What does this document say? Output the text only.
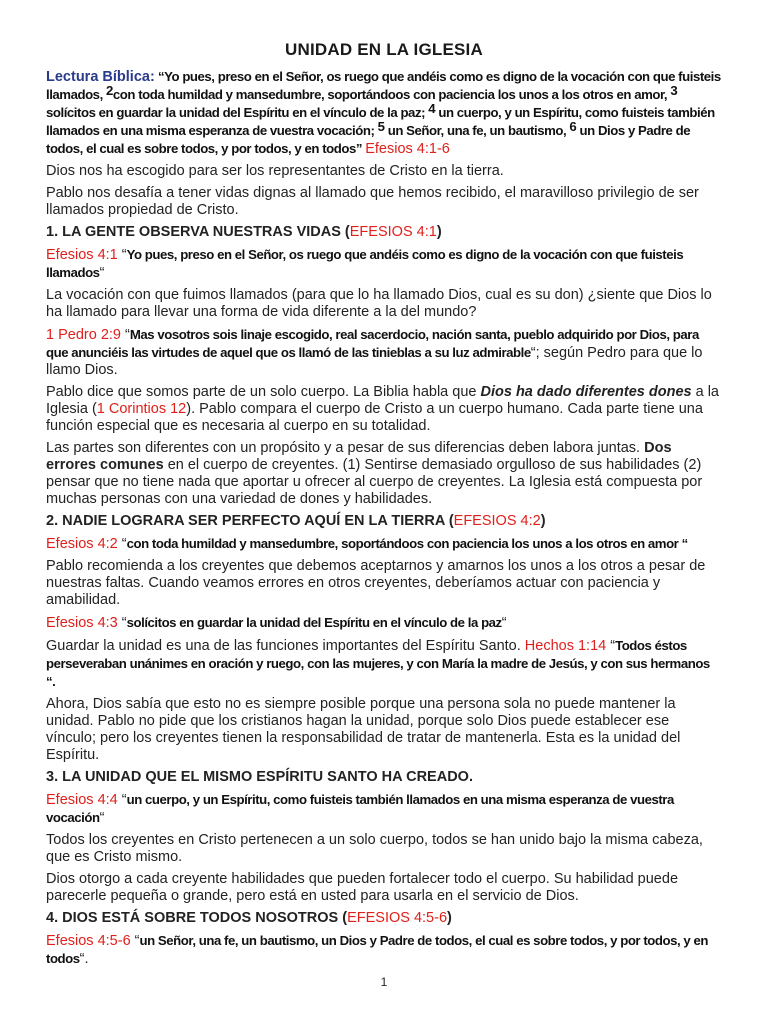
UNIDAD EN LA IGLESIA
Lectura Bíblica: “Yo pues, preso en el Señor, os ruego que andéis como es digno de la vocación con que fuisteis llamados, $^2$con toda humildad y mansedumbre, soportándoos con paciencia los unos a los otros en amor, $^3$ solícitos en guardar la unidad del Espíritu en el vínculo de la paz; $^4$ un cuerpo, y un Espíritu, como fuisteis también llamados en una misma esperanza de vuestra vocación; $^5$ un Señor, una fe, un bautismo, $^6$ un Dios y Padre de todos, el cual es sobre todos, y por todos, y en todos” Efesios 4:1-6
Dios nos ha escogido para ser los representantes de Cristo en la tierra.
Pablo nos desafía a tener vidas dignas al llamado que hemos recibido, el maravilloso privilegio de ser llamados propiedad de Cristo.
1. LA GENTE OBSERVA NUESTRAS VIDAS (EFESIOS 4:1)
Efesios 4:1 “Yo pues, preso en el Señor, os ruego que andéis como es digno de la vocación con que fuisteis llamados“
La vocación con que fuimos llamados (para que lo ha llamado Dios, cual es su don) ¿siente que Dios lo ha llamado para llevar una forma de vida diferente a la del mundo?
1 Pedro 2:9 “Mas vosotros sois linaje escogido, real sacerdocio, nación santa, pueblo adquirido por Dios, para que anunciéis las virtudes de aquel que os llamó de las tinieblas a su luz admirable“; según Pedro para que lo llamo Dios.
Pablo dice que somos parte de un solo cuerpo. La Biblia habla que Dios ha dado diferentes dones a la Iglesia (1 Corintios 12). Pablo compara el cuerpo de Cristo a un cuerpo humano. Cada parte tiene una función especial que es necesaria al cuerpo en su totalidad.
Las partes son diferentes con un propósito y a pesar de sus diferencias deben labora juntas. Dos errores comunes en el cuerpo de creyentes. (1) Sentirse demasiado orgulloso de sus habilidades (2) pensar que no tiene nada que aportar u ofrecer al cuerpo de creyentes. La Iglesia está compuesta por muchas personas con una variedad de dones y habilidades.
2. NADIE LOGRARA SER PERFECTO AQUÍ EN LA TIERRA (EFESIOS 4:2)
Efesios 4:2 “con toda humildad y mansedumbre, soportándoos con paciencia los unos a los otros en amor “
Pablo recomienda a los creyentes que debemos aceptarnos y amarnos los unos a los otros a pesar de nuestras faltas. Cuando veamos errores en otros creyentes, deberíamos actuar con paciencia y amabilidad.
Efesios 4:3 “solícitos en guardar la unidad del Espíritu en el vínculo de la paz“
Guardar la unidad es una de las funciones importantes del Espíritu Santo. Hechos 1:14 “Todos éstos perseveraban unánimes en oración y ruego, con las mujeres, y con María la madre de Jesús, y con sus hermanos “.
Ahora, Dios sabía que esto no es siempre posible porque una persona sola no puede mantener la unidad. Pablo no pide que los cristianos hagan la unidad, porque solo Dios puede establecer ese vínculo; pero los creyentes tienen la responsabilidad de tratar de mantenerla. Esta es la unidad del Espíritu.
3. LA UNIDAD QUE EL MISMO ESPÍRITU SANTO HA CREADO.
Efesios 4:4 “un cuerpo, y un Espíritu, como fuisteis también llamados en una misma esperanza de vuestra vocación“
Todos los creyentes en Cristo pertenecen a un solo cuerpo, todos se han unido bajo la misma cabeza, que es Cristo mismo.
Dios otorgo a cada creyente habilidades que pueden fortalecer todo el cuerpo. Su habilidad puede parecerle pequeña o grande, pero está en usted para usarla en el servicio de Dios.
4. DIOS ESTÁ SOBRE TODOS NOSOTROS (EFESIOS 4:5-6)
Efesios 4:5-6 “un Señor, una fe, un bautismo, un Dios y Padre de todos, el cual es sobre todos, y por todos, y en todos“.
1
